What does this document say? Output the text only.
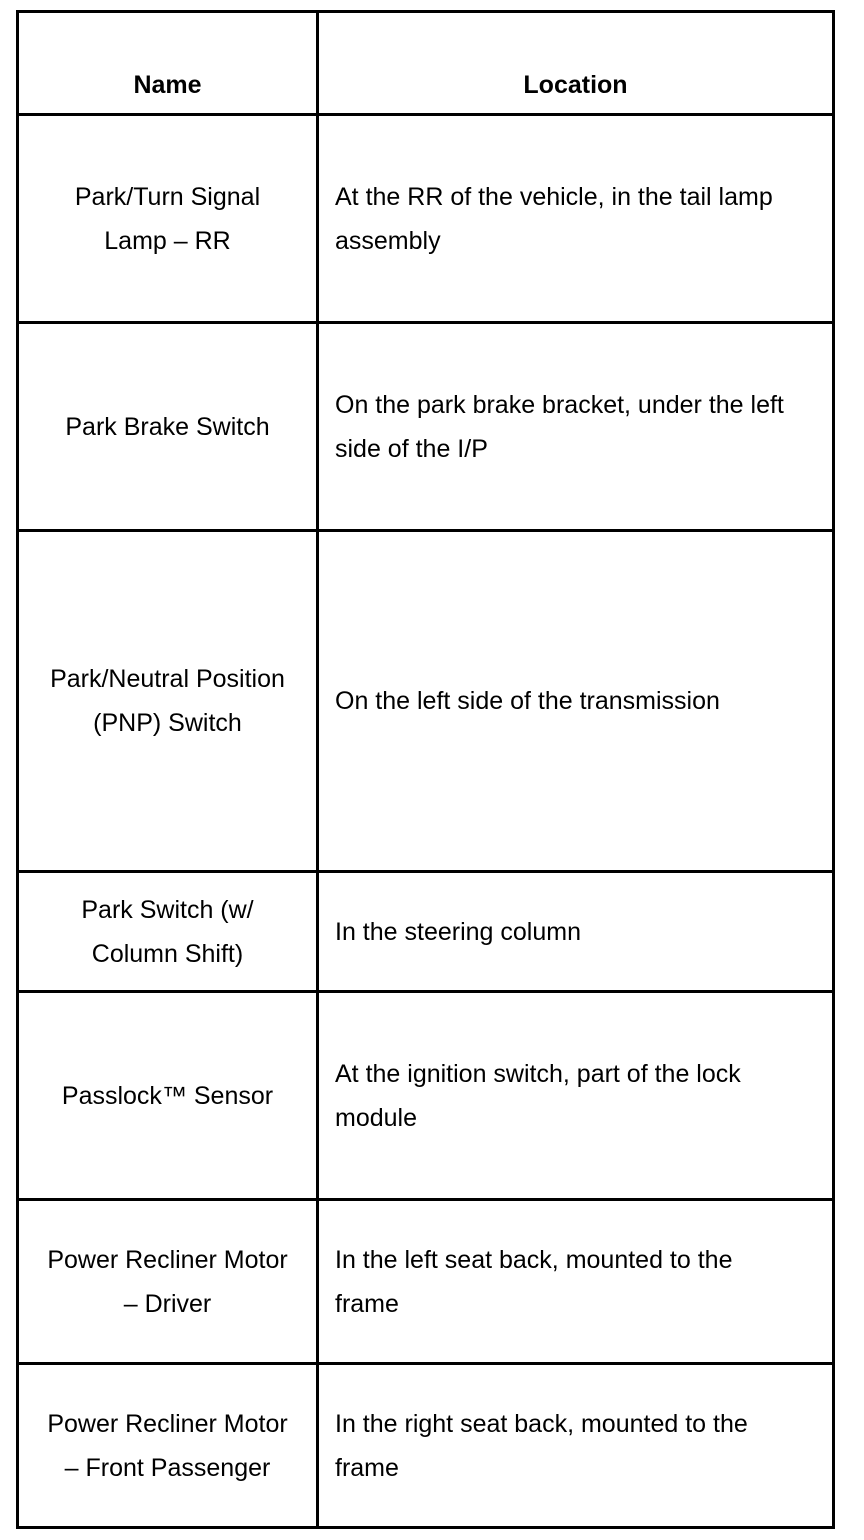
Name	Location
Park/Turn Signal Lamp – RR	At the RR of the vehicle, in the tail lamp assembly
Park Brake Switch	On the park brake bracket, under the left side of the I/P
Park/Neutral Position (PNP) Switch	On the left side of the transmission
Park Switch (w/ Column Shift)	In the steering column
Passlock™ Sensor	At the ignition switch, part of the lock module
Power Recliner Motor – Driver	In the left seat back, mounted to the frame
Power Recliner Motor – Front Passenger	In the right seat back, mounted to the frame
